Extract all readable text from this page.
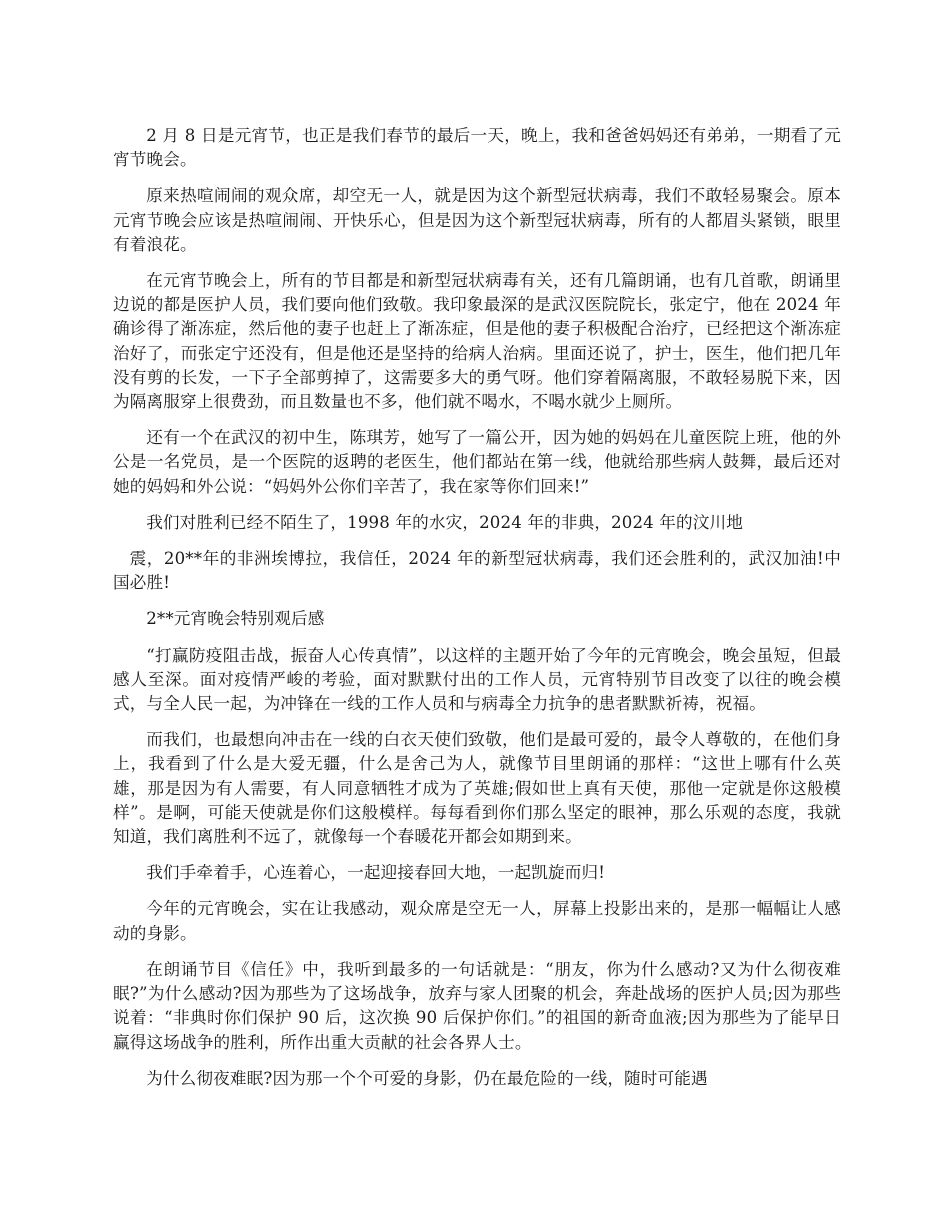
2 月 8 日是元宵节，也正是我们春节的最后一天，晚上，我和爸爸妈妈还有弟弟，一期看了元宵节晚会。

原来热喧闹闹的观众席，却空无一人，就是因为这个新型冠状病毒，我们不敢轻易聚会。原本元宵节晚会应该是热喧闹闹、开快乐心，但是因为这个新型冠状病毒，所有的人都眉头紧锁，眼里有着浪花。

在元宵节晚会上，所有的节目都是和新型冠状病毒有关，还有几篇朗诵，也有几首歌，朗诵里边说的都是医护人员，我们要向他们致敬。我印象最深的是武汉医院院长，张定宁，他在 2024 年确诊得了渐冻症，然后他的妻子也赶上了渐冻症，但是他的妻子积极配合治疗，已经把这个渐冻症治好了，而张定宁还没有，但是他还是坚持的给病人治病。里面还说了，护士，医生，他们把几年没有剪的长发，一下子全部剪掉了，这需要多大的勇气呀。他们穿着隔离服，不敢轻易脱下来，因为隔离服穿上很费劲，而且数量也不多，他们就不喝水，不喝水就少上厕所。

还有一个在武汉的初中生，陈琪芳，她写了一篇公开，因为她的妈妈在儿童医院上班，他的外公是一名党员，是一个医院的返聘的老医生，他们都站在第一线，他就给那些病人鼓舞，最后还对她的妈妈和外公说：“妈妈外公你们辛苦了，我在家等你们回来!”

我们对胜利已经不陌生了，1998 年的水灾，2024 年的非典，2024 年的汶川地

震，20**年的非洲埃博拉，我信任，2024 年的新型冠状病毒，我们还会胜利的，武汉加油!中国必胜!

2**元宵晚会特别观后感

“打赢防疫阻击战，振奋人心传真情”，以这样的主题开始了今年的元宵晚会，晚会虽短，但最感人至深。面对疫情严峻的考验，面对默默付出的工作人员，元宵特别节目改变了以往的晚会模式，与全人民一起，为冲锋在一线的工作人员和与病毒全力抗争的患者默默祈祷，祝福。

而我们，也最想向冲击在一线的白衣天使们致敬，他们是最可爱的，最令人尊敬的，在他们身上，我看到了什么是大爱无疆，什么是舍己为人，就像节目里朗诵的那样：“这世上哪有什么英雄，那是因为有人需要，有人同意牺牲才成为了英雄;假如世上真有天使，那他一定就是你这般模样”。是啊，可能天使就是你们这般模样。每每看到你们那么坚定的眼神，那么乐观的态度，我就知道，我们离胜利不远了，就像每一个春暖花开都会如期到来。

我们手牵着手，心连着心，一起迎接春回大地，一起凯旋而归!

今年的元宵晚会，实在让我感动，观众席是空无一人，屏幕上投影出来的，是那一幅幅让人感动的身影。

在朗诵节目《信任》中，我听到最多的一句话就是：“朋友，你为什么感动?又为什么彻夜难眠?”为什么感动?因为那些为了这场战争，放弃与家人团聚的机会，奔赴战场的医护人员;因为那些说着：“非典时你们保护 90 后，这次换 90 后保护你们。”的祖国的新奇血液;因为那些为了能早日赢得这场战争的胜利，所作出重大贡献的社会各界人士。

为什么彻夜难眠?因为那一个个可爱的身影，仍在最危险的一线，随时可能遇
